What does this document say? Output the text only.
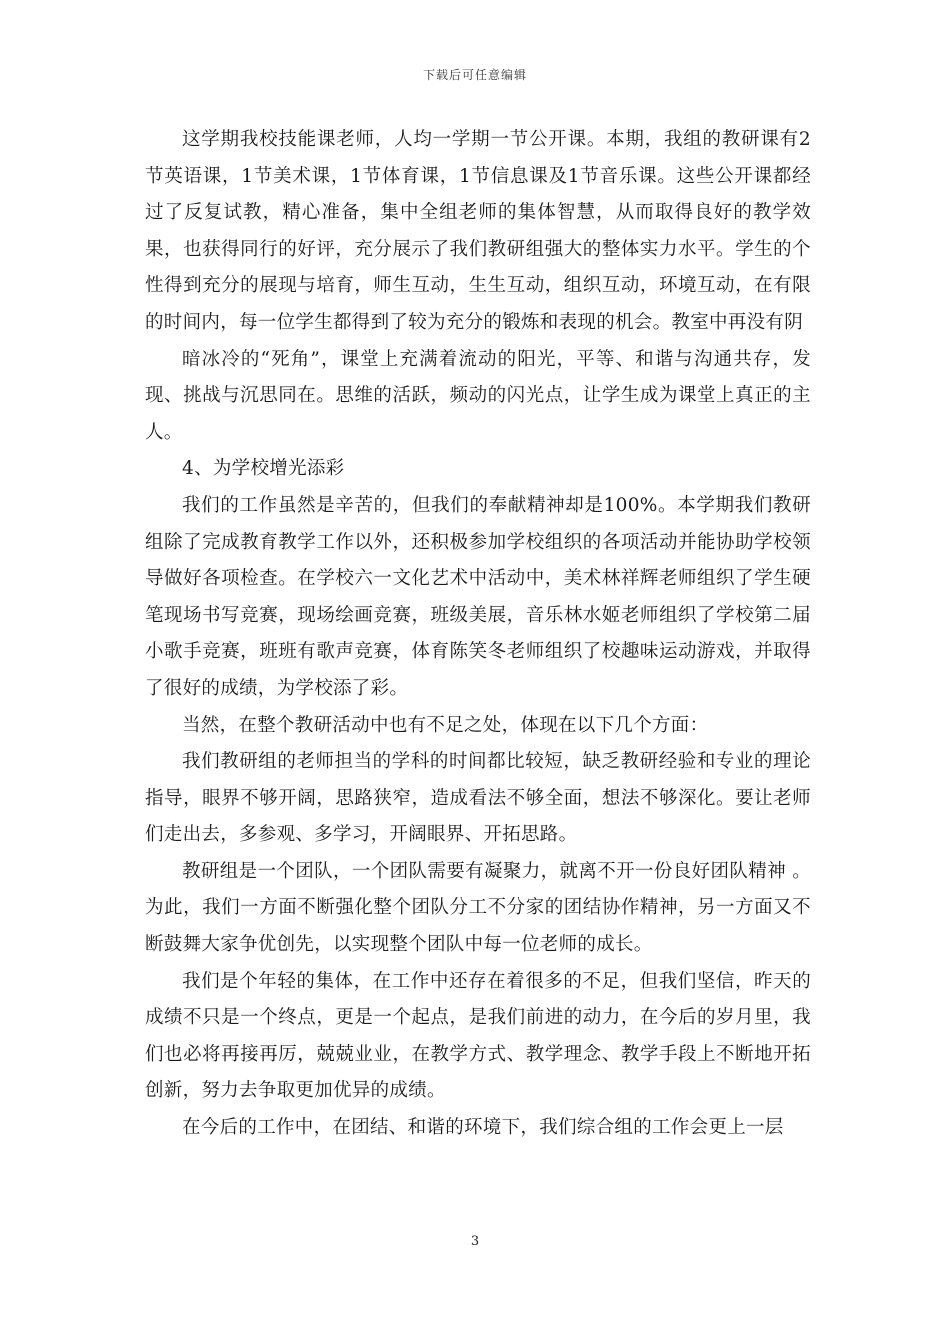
下载后可任意编辑

这学期我校技能课老师，人均一学期一节公开课。本期，我组的教研课有2节英语课，1节美术课，1节体育课，1节信息课及1节音乐课。这些公开课都经过了反复试教，精心准备，集中全组老师的集体智慧，从而取得良好的教学效果，也获得同行的好评，充分展示了我们教研组强大的整体实力水平。学生的个性得到充分的展现与培育，师生互动，生生互动，组织互动，环境互动，在有限的时间内，每一位学生都得到了较为充分的锻炼和表现的机会。教室中再没有阴

暗冰冷的“死角”，课堂上充满着流动的阳光，平等、和谐与沟通共存，发现、挑战与沉思同在。思维的活跃，频动的闪光点，让学生成为课堂上真正的主人。

4、为学校增光添彩

我们的工作虽然是辛苦的，但我们的奉献精神却是100%。本学期我们教研组除了完成教育教学工作以外，还积极参加学校组织的各项活动并能协助学校领导做好各项检查。在学校六一文化艺术中活动中，美术林祥辉老师组织了学生硬笔现场书写竞赛，现场绘画竞赛，班级美展，音乐林水姬老师组织了学校第二届小歌手竞赛，班班有歌声竞赛，体育陈笑冬老师组织了校趣味运动游戏，并取得了很好的成绩，为学校添了彩。

当然，在整个教研活动中也有不足之处，体现在以下几个方面：

我们教研组的老师担当的学科的时间都比较短，缺乏教研经验和专业的理论指导，眼界不够开阔，思路狭窄，造成看法不够全面，想法不够深化。要让老师们走出去，多参观、多学习，开阔眼界、开拓思路。

教研组是一个团队，一个团队需要有凝聚力，就离不开一份良好团队精神 。为此，我们一方面不断强化整个团队分工不分家的团结协作精神，另一方面又不断鼓舞大家争优创先，以实现整个团队中每一位老师的成长。

我们是个年轻的集体，在工作中还存在着很多的不足，但我们坚信，昨天的成绩不只是一个终点，更是一个起点，是我们前进的动力，在今后的岁月里，我们也必将再接再厉，兢兢业业，在教学方式、教学理念、教学手段上不断地开拓创新，努力去争取更加优异的成绩。

在今后的工作中，在团结、和谐的环境下，我们综合组的工作会更上一层

3
